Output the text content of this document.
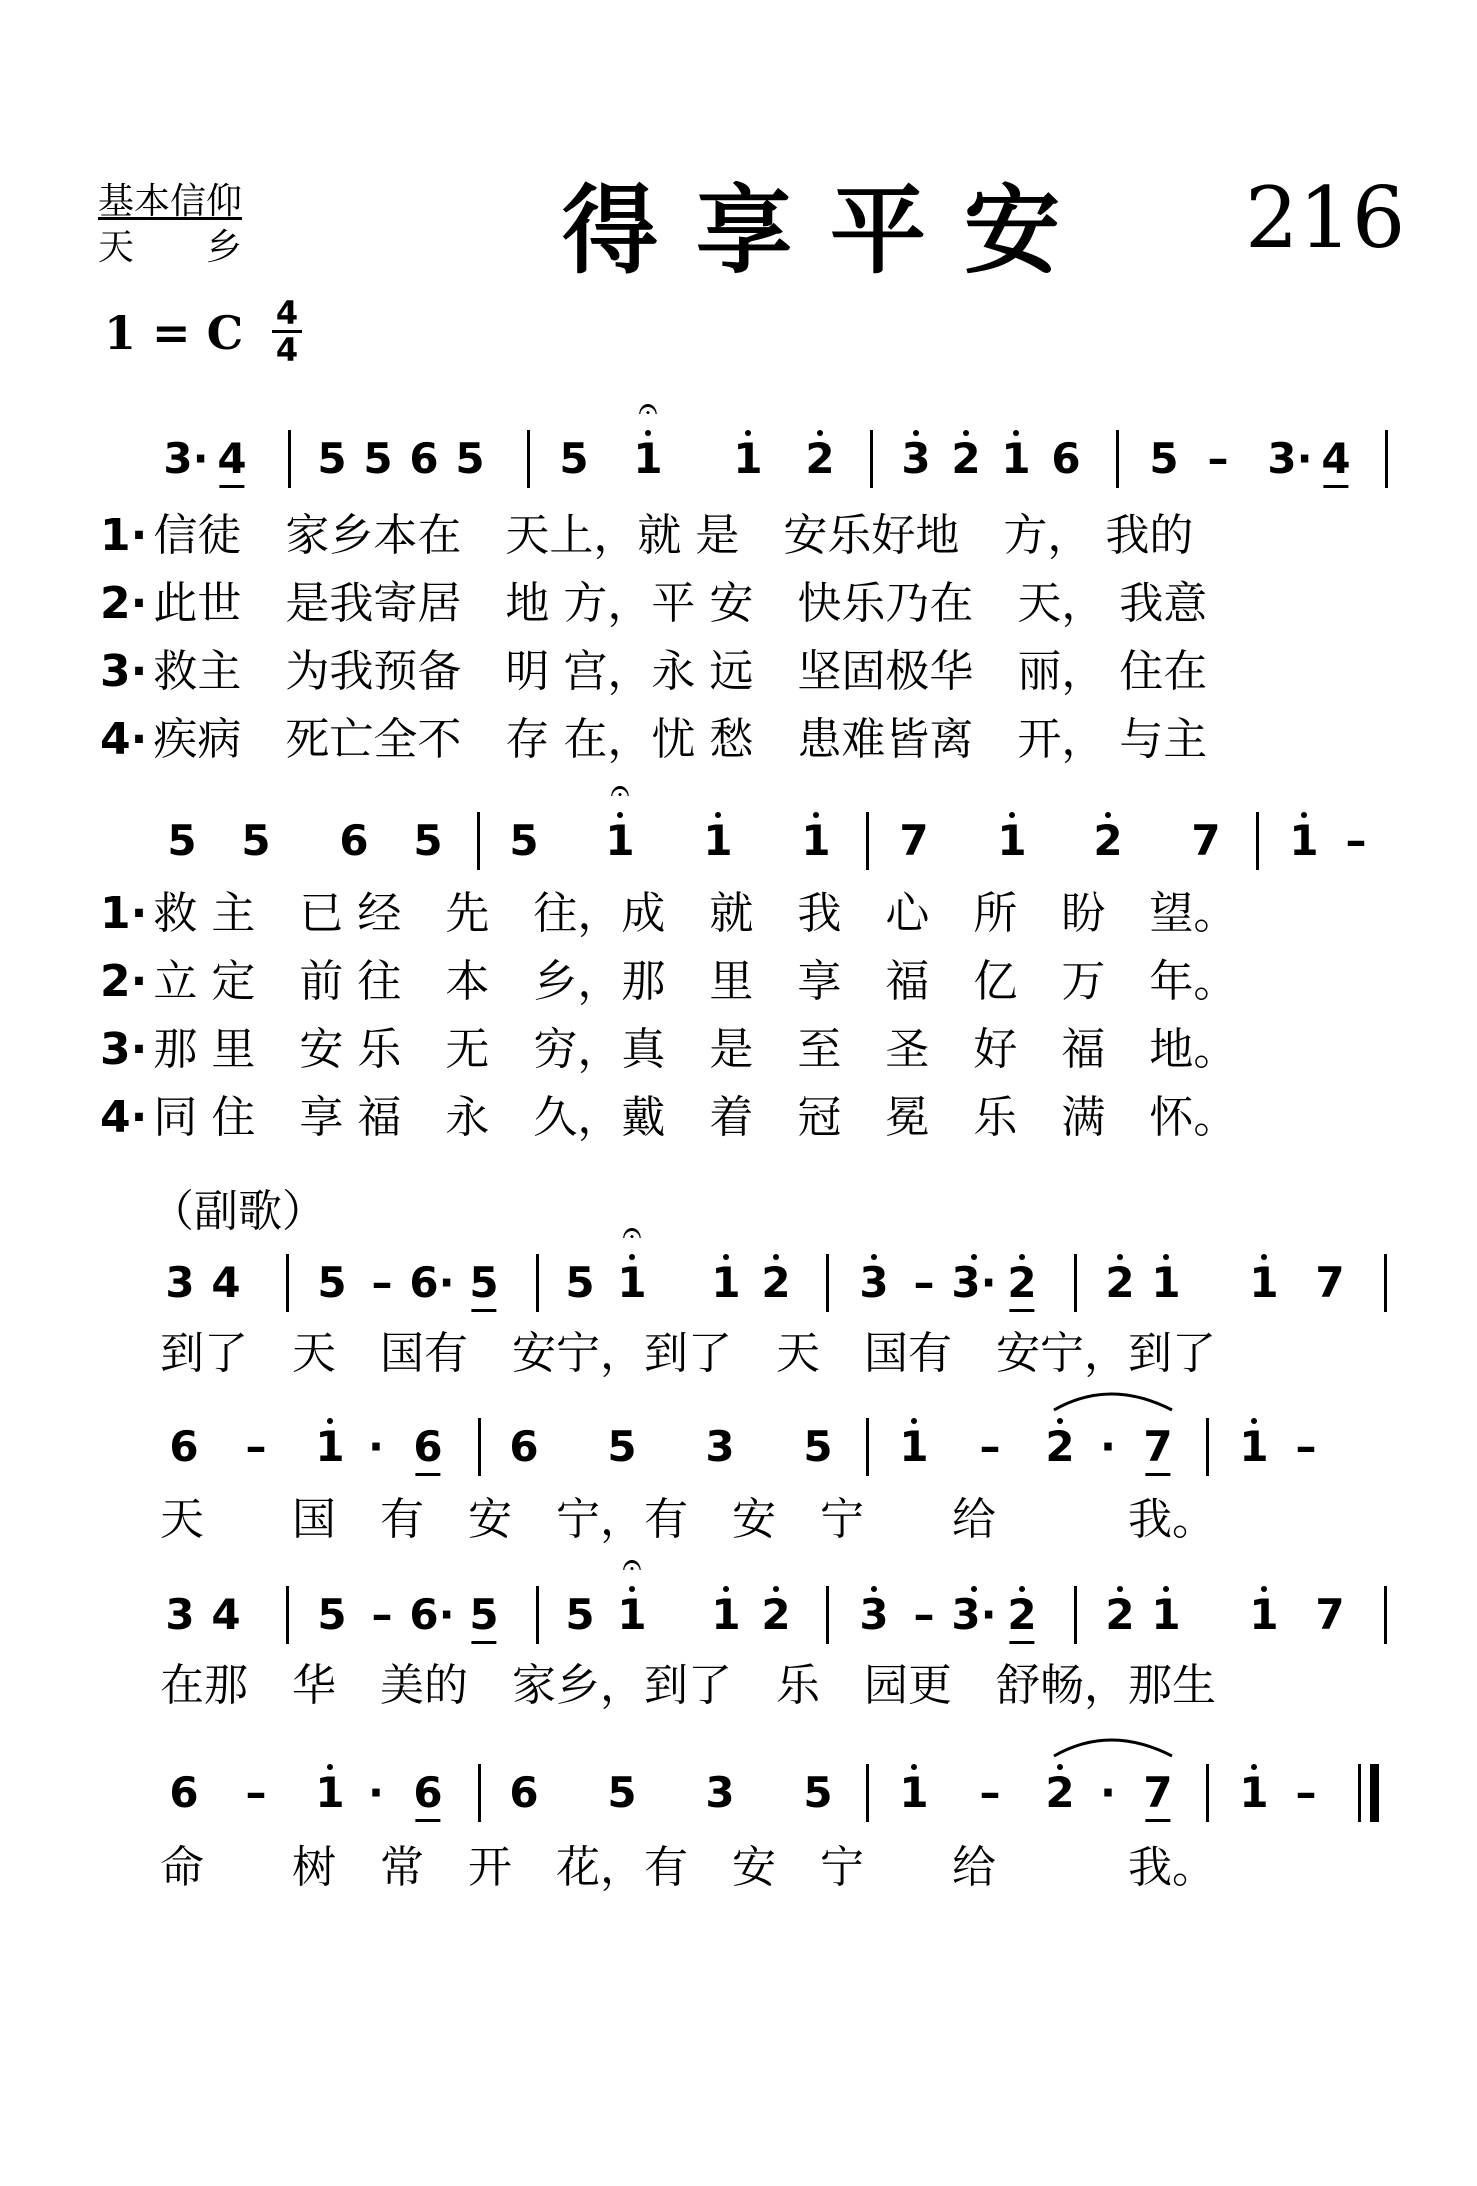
基本信仰
天　　乡	得享平安 216
1 = C 4
4
3· 4 5 5 6 5 5
𝄐
1 1 2 3 2 1 6 5 – 3· 4
1· 信徒　家乡本在　天上，就 是　安乐好地　方， 我的
2· 此世　是我寄居　地 方，平 安　快乐乃在　天， 我意
3· 救主　为我预备　明 宫，永 远　坚固极华　丽， 住在
4· 疾病　死亡全不　存 在，忧 愁　患难皆离　开， 与主
5 5 6 5 5
𝄐
1 1 1 7 1 2 7 1 –
1· 救 主　已 经　先　往，成　就　我　心　所　盼　望。
2· 立 定　前 往　本　乡，那　里　享　福　亿　万　年。
3· 那 里　安 乐　无　穷，真　是　至　圣　好　福　地。
4· 同 住　享 福　永　久，戴　着　冠　冕　乐　满　怀。
（副歌）
3 4 5 – 6· 5 5
𝄐
1 1 2 3 – 3· 2 2 1 1 7
到了　天　国有　安宁，到了　天　国有　安宁，到了
6 – 1 · 6 6 5 3 5 1 – 2 · 7 1 –
天　　国　有　安　宁，有　安　宁　　给　　　我。
3 4 5 – 6· 5 5
𝄐
1 1 2 3 – 3· 2 2 1 1 7
在那　华　美的　家乡，到了　乐　园更　舒畅，那生
6 – 1 · 6 6 5 3 5 1 – 2 · 7 1 –
命　　树　常　开　花，有　安　宁　　给　　　我。
